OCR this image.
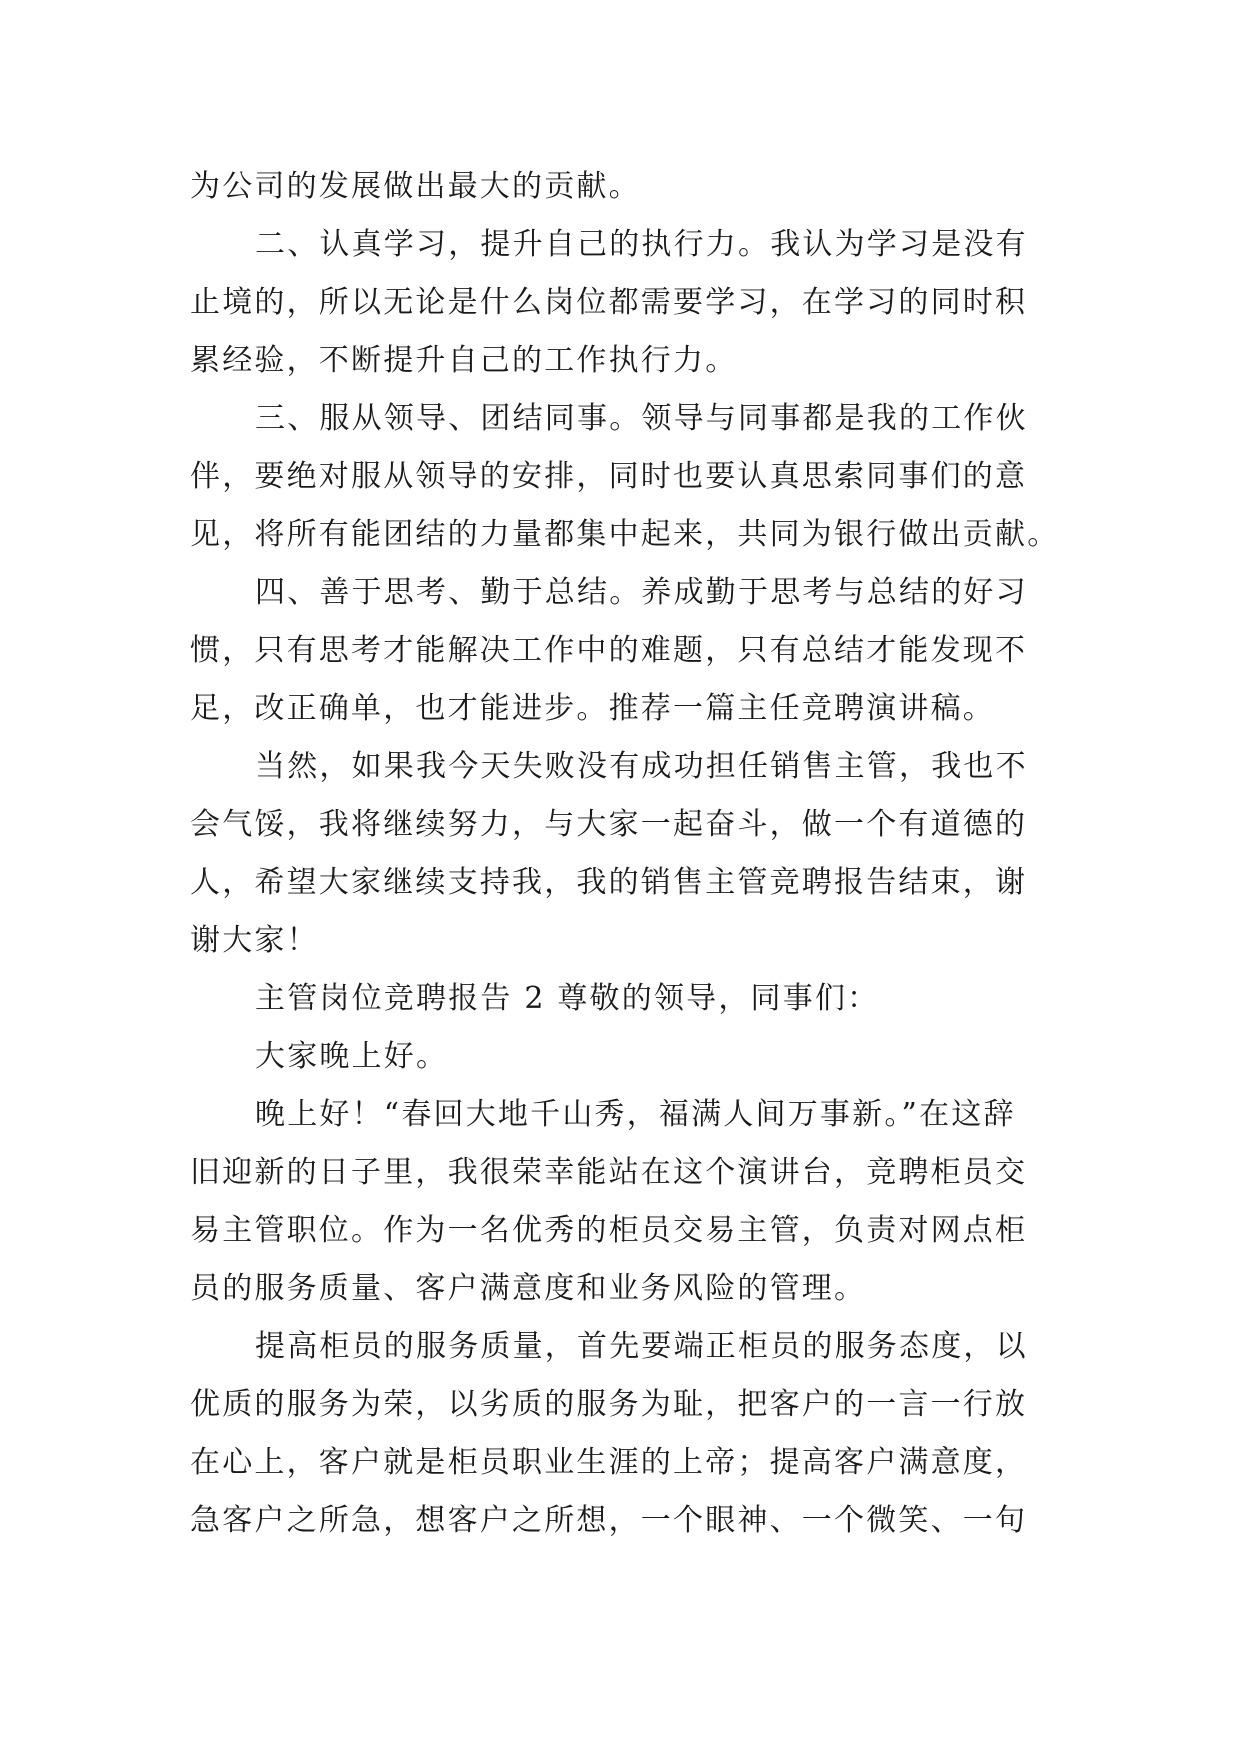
为公司的发展做出最大的贡献。
二、认真学习，提升自己的执行力。我认为学习是没有
止境的，所以无论是什么岗位都需要学习，在学习的同时积
累经验，不断提升自己的工作执行力。
三、服从领导、团结同事。领导与同事都是我的工作伙
伴，要绝对服从领导的安排，同时也要认真思索同事们的意
见，将所有能团结的力量都集中起来，共同为银行做出贡献。
四、善于思考、勤于总结。养成勤于思考与总结的好习
惯，只有思考才能解决工作中的难题，只有总结才能发现不
足，改正确单，也才能进步。推荐一篇主任竞聘演讲稿。
当然，如果我今天失败没有成功担任销售主管，我也不
会气馁，我将继续努力，与大家一起奋斗，做一个有道德的
人，希望大家继续支持我，我的销售主管竞聘报告结束，谢
谢大家！
主管岗位竞聘报告 2 尊敬的领导，同事们：
大家晚上好。
晚上好！“春回大地千山秀，福满人间万事新。”在这辞
旧迎新的日子里，我很荣幸能站在这个演讲台，竞聘柜员交
易主管职位。作为一名优秀的柜员交易主管，负责对网点柜
员的服务质量、客户满意度和业务风险的管理。
提高柜员的服务质量，首先要端正柜员的服务态度，以
优质的服务为荣，以劣质的服务为耻，把客户的一言一行放
在心上，客户就是柜员职业生涯的上帝；提高客户满意度，
急客户之所急，想客户之所想，一个眼神、一个微笑、一句
